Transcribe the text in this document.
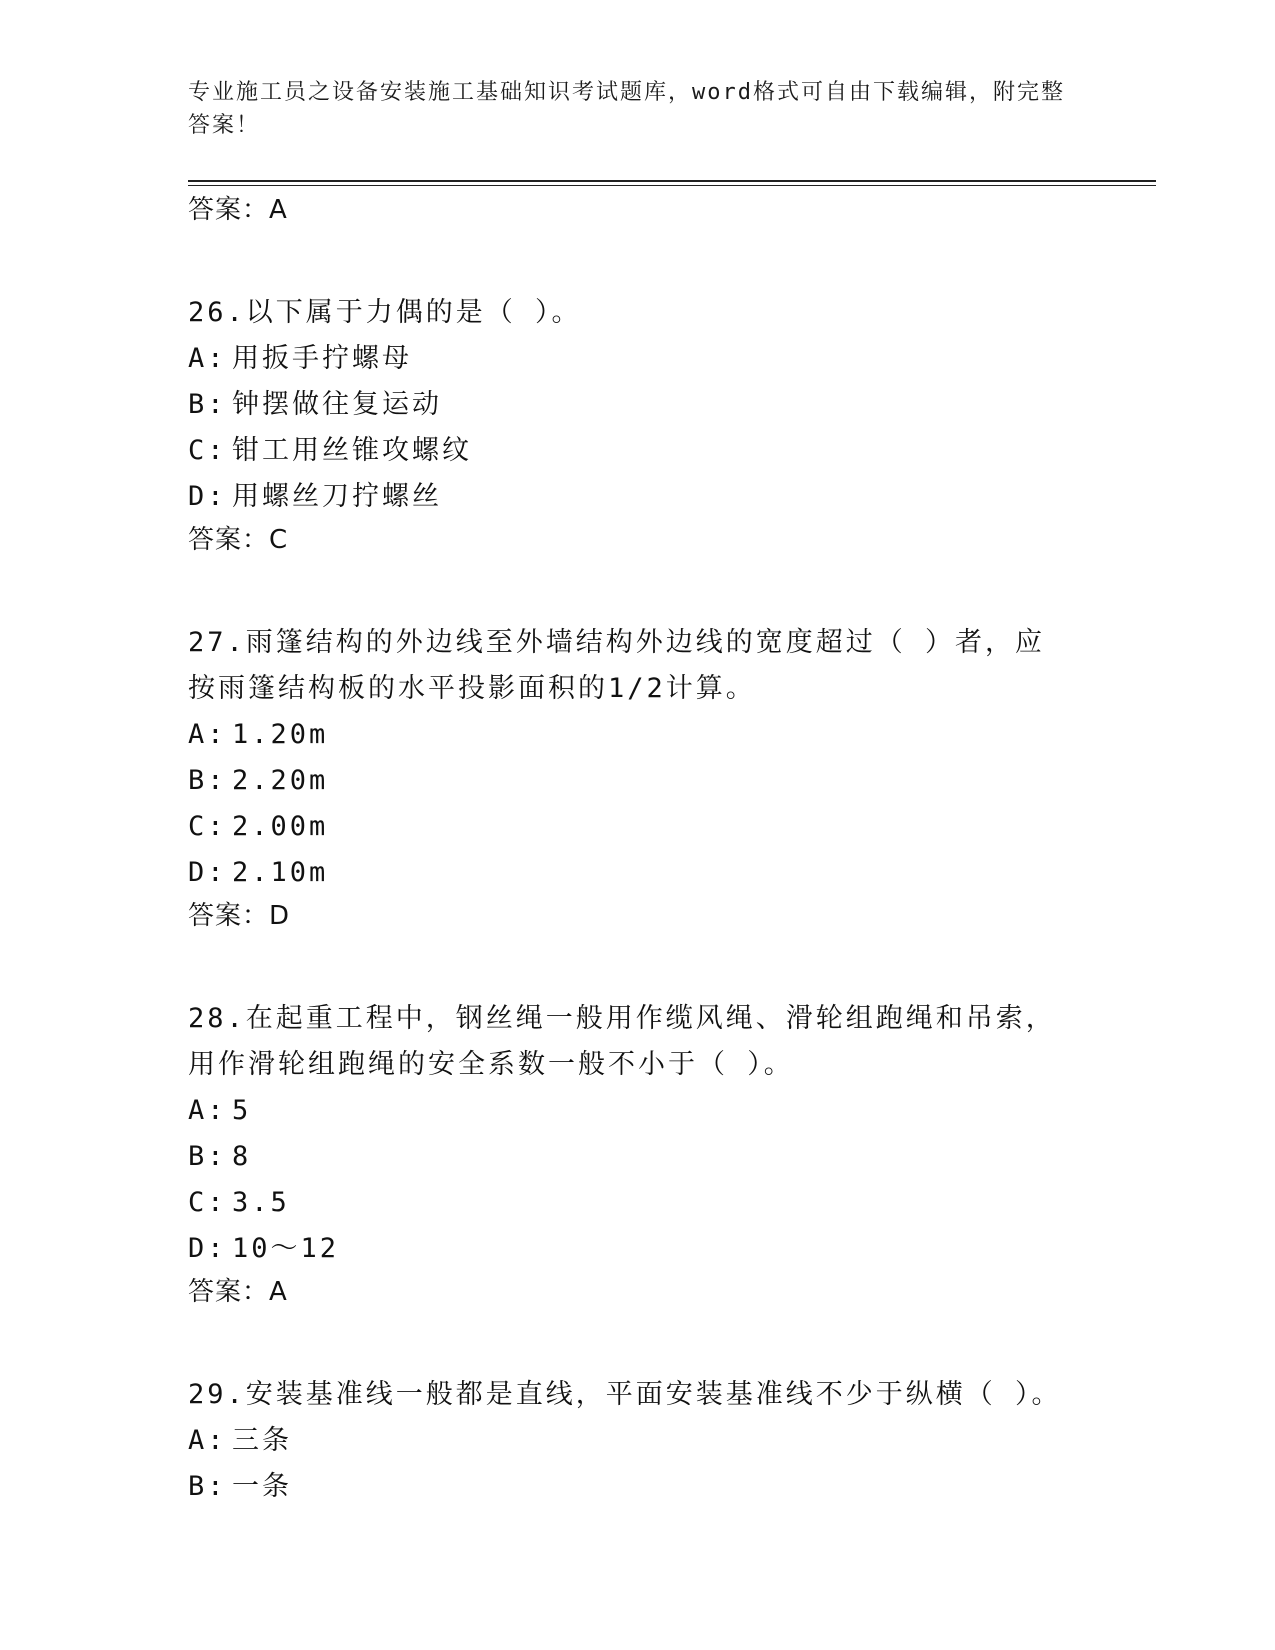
专业施工员之设备安装施工基础知识考试题库，word格式可自由下载编辑，附完整答案！
答案：A
26.以下属于力偶的是（ ）。
A: 用扳手拧螺母
B: 钟摆做往复运动
C: 钳工用丝锥攻螺纹
D: 用螺丝刀拧螺丝
答案：C
27.雨篷结构的外边线至外墙结构外边线的宽度超过（ ）者，应按雨篷结构板的水平投影面积的1/2计算。
A: 1.20m
B: 2.20m
C: 2.00m
D: 2.10m
答案：D
28.在起重工程中，钢丝绳一般用作缆风绳、滑轮组跑绳和吊索，用作滑轮组跑绳的安全系数一般不小于（ ）。
A: 5
B: 8
C: 3.5
D: 10～12
答案：A
29.安装基准线一般都是直线，平面安装基准线不少于纵横（ ）。
A: 三条
B: 一条
